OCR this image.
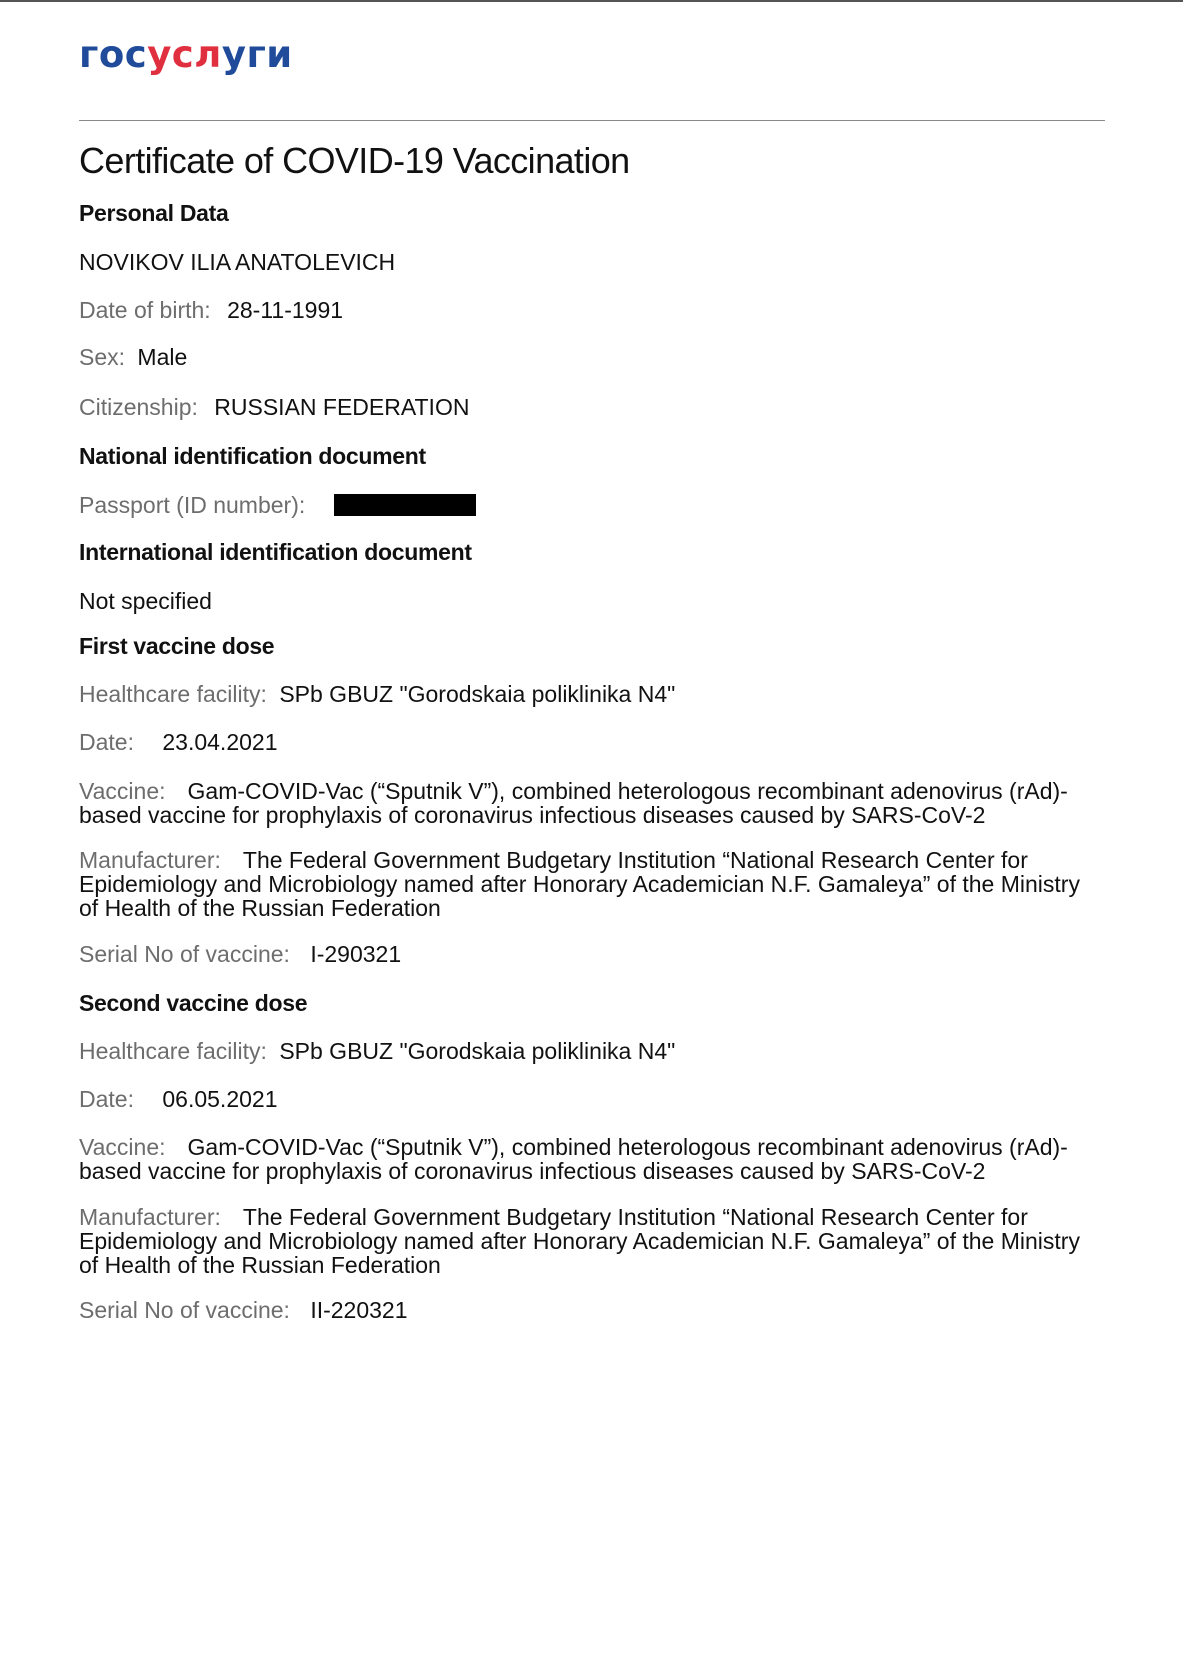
госуслуги
Certificate of COVID-19 Vaccination
Personal Data
NOVIKOV ILIA ANATOLEVICH
Date of birth: 28-11-1991
Sex: Male
Citizenship: RUSSIAN FEDERATION
National identification document
Passport (ID number):
International identification document
Not specified
First vaccine dose
Healthcare facility: SPb GBUZ "Gorodskaia poliklinika N4"
Date: 23.04.2021
Vaccine: Gam-COVID-Vac (“Sputnik V”), combined heterologous recombinant adenovirus (rAd)-based vaccine for prophylaxis of coronavirus infectious diseases caused by SARS-CoV-2
Manufacturer: The Federal Government Budgetary Institution “National Research Center for Epidemiology and Microbiology named after Honorary Academician N.F. Gamaleya” of the Ministry of Health of the Russian Federation
Serial No of vaccine: I-290321
Second vaccine dose
Healthcare facility: SPb GBUZ "Gorodskaia poliklinika N4"
Date: 06.05.2021
Vaccine: Gam-COVID-Vac (“Sputnik V”), combined heterologous recombinant adenovirus (rAd)-based vaccine for prophylaxis of coronavirus infectious diseases caused by SARS-CoV-2
Manufacturer: The Federal Government Budgetary Institution “National Research Center for Epidemiology and Microbiology named after Honorary Academician N.F. Gamaleya” of the Ministry of Health of the Russian Federation
Serial No of vaccine: II-220321
